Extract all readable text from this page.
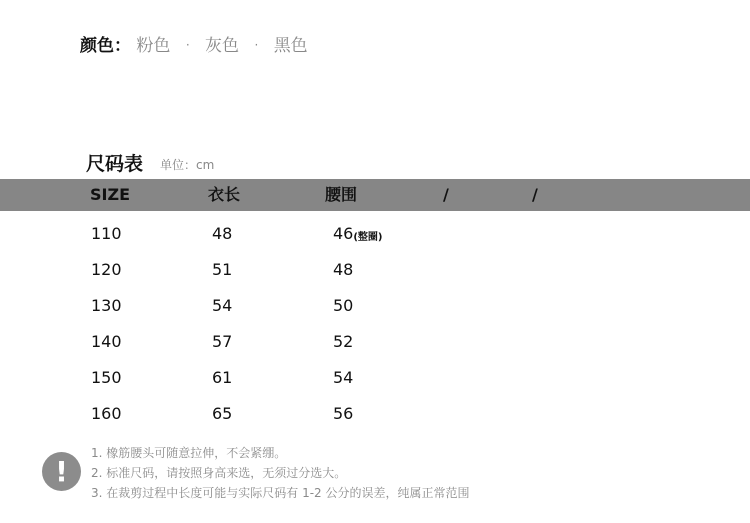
颜色： 粉色 · 灰色 · 黑色
尺码表 单位：cm
SIZE	衣长	腰围	/	/
110	48	46(整圈)
120	51	48
130	54	50
140	57	52
150	61	54
160	65	56
!
1. 橡筋腰头可随意拉伸，不会紧绷。
2. 标准尺码，请按照身高来选，无须过分选大。
3. 在裁剪过程中长度可能与实际尺码有 1-2 公分的误差，纯属正常范围
